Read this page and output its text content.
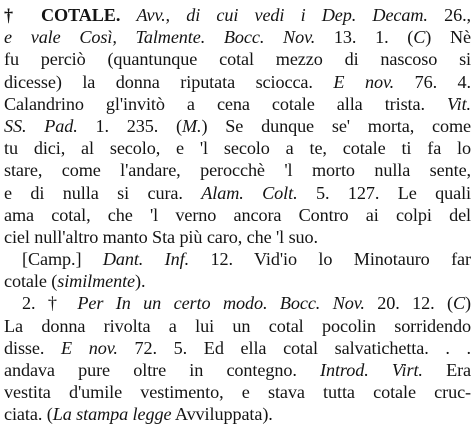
† COTALE. Avv., di cui vedi i Dep. Decam. 26.,
e vale Così, Talmente. Bocc. Nov. 13. 1. (C) Nè
fu perciò (quantunque cotal mezzo di nascoso si
dicesse) la donna riputata sciocca. E nov. 76. 4.
Calandrino gl'invitò a cena cotale alla trista. Vit.
SS. Pad. 1. 235. (M.) Se dunque se' morta, come
tu dici, al secolo, e 'l secolo a te, cotale ti fa lo
stare, come l'andare, perocchè 'l morto nulla sente,
e di nulla si cura. Alam. Colt. 5. 127. Le quali
ama cotal, che 'l verno ancora Contro ai colpi del
ciel null'altro manto Sta più caro, che 'l suo.
[Camp.] Dant. Inf. 12. Vid'io lo Minotauro far
cotale (similmente).
2. † Per In un certo modo. Bocc. Nov. 20. 12. (C)
La donna rivolta a lui un cotal pocolin sorridendo
disse. E nov. 72. 5. Ed ella cotal salvatichetta. . .
andava pure oltre in contegno. Introd. Virt. Era
vestita d'umile vestimento, e stava tutta cotale cruc-
ciata. (La stampa legge Avviluppata).
